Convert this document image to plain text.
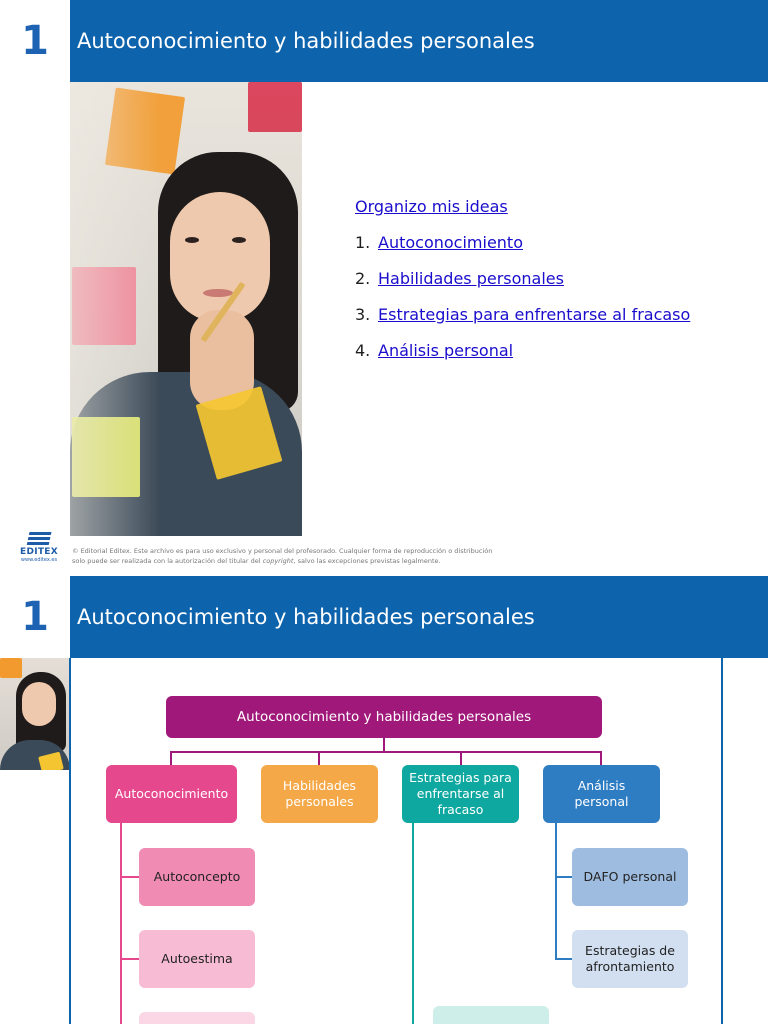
1	Autoconocimiento y habilidades personales
Organizo mis ideas
1. Autoconocimiento
2. Habilidades personales
3. Estrategias para enfrentarse al fracaso
4. Análisis personal
EDITEX
www.editex.es
© Editorial Editex. Este archivo es para uso exclusivo y personal del profesorado. Cualquier forma de reproducción o distribución
solo puede ser realizada con la autorización del titular del copyright, salvo las excepciones previstas legalmente.
1	Autoconocimiento y habilidades personales
Autoconocimiento y habilidades personales
Autoconocimiento
Habilidades personales
Estrategias para enfrentarse al fracaso
Análisis personal
Autoconcepto
Autoestima
DAFO personal
Estrategias de afrontamiento
